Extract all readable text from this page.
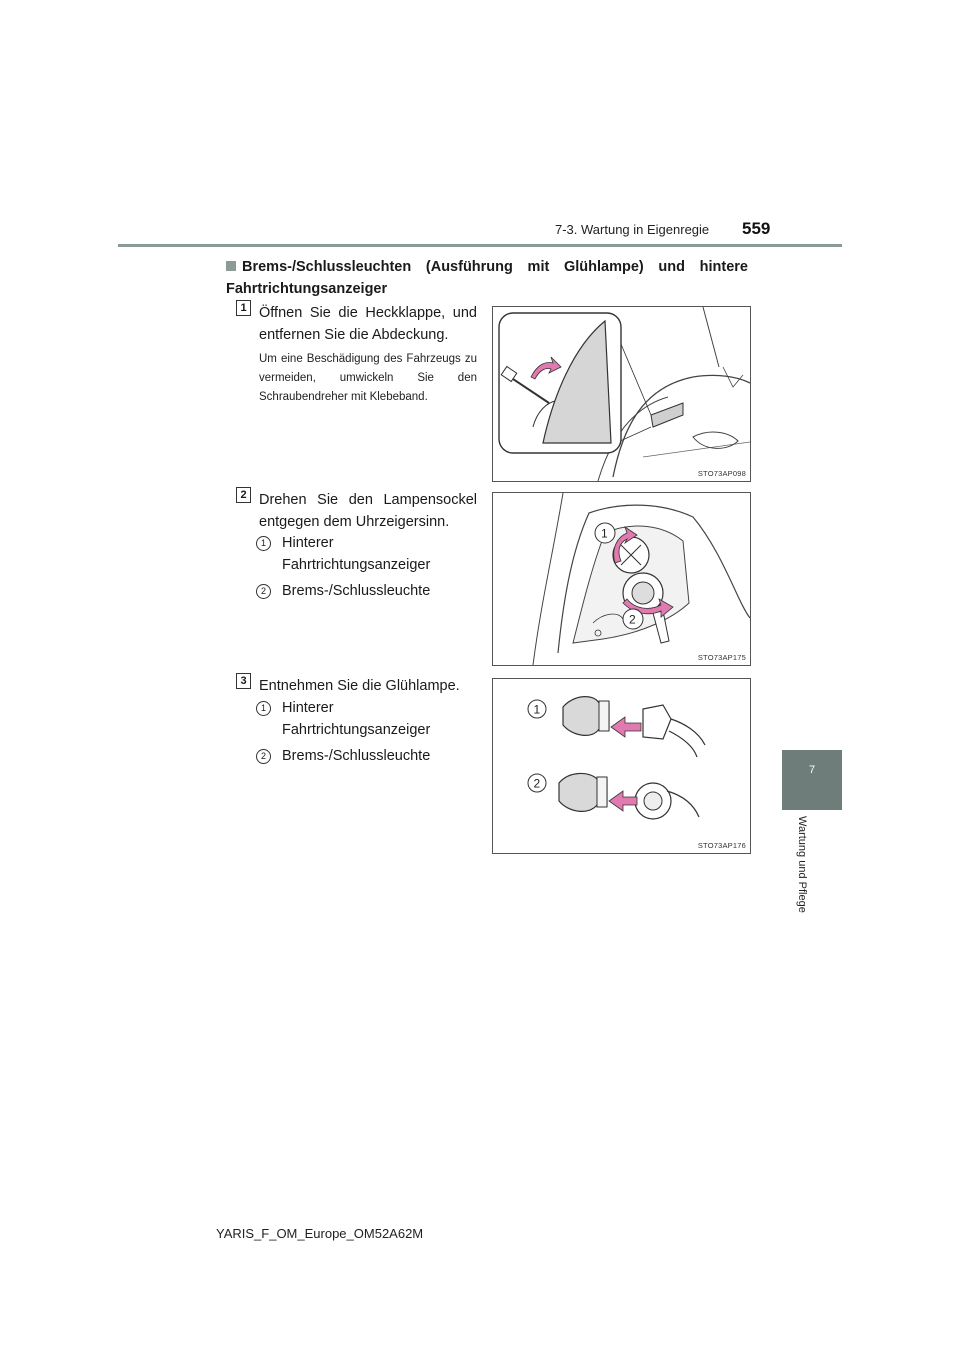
7-3. Wartung in Eigenregie 559
7
Wartung und Pflege
Brems-/Schlussleuchten (Ausführung mit Glühlampe) und hintere Fahrtrichtungsanzeiger
1 Öffnen Sie die Heckklappe, und entfernen Sie die Abdeckung.
Um eine Beschädigung des Fahrzeugs zu vermeiden, umwickeln Sie den Schraubendreher mit Klebeband.
STO73AP098
2 Drehen Sie den Lampensockel entgegen dem Uhrzeigersinn.
1	Hinterer Fahrtrichtungsanzeiger
2	Brems-/Schlussleuchte
1
2
STO73AP175
3 Entnehmen Sie die Glühlampe.
1	Hinterer Fahrtrichtungsanzeiger
2	Brems-/Schlussleuchte
1
2
STO73AP176
YARIS_F_OM_Europe_OM52A62M
